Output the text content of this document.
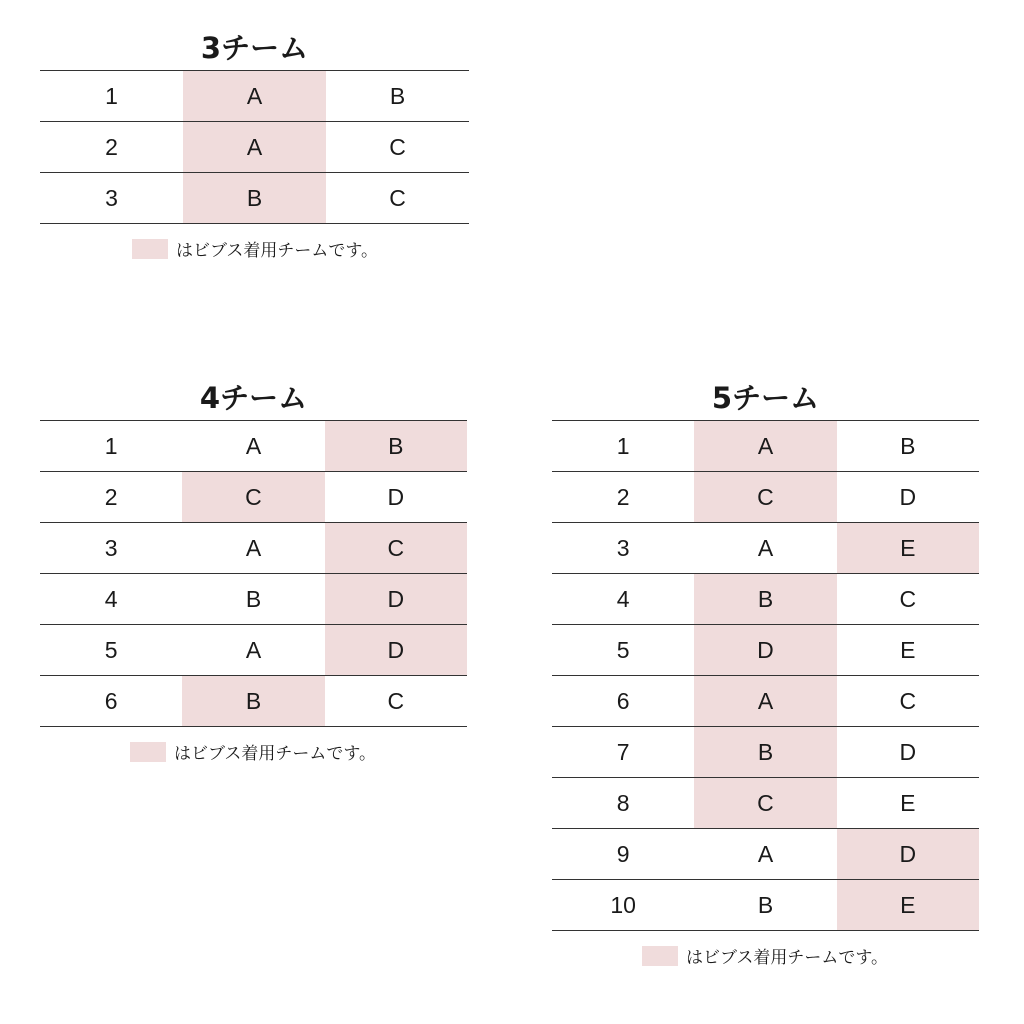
3チーム
1	A	B
2	A	C
3	B	C
はビブス着用チームです。
4チーム
1	A	B
2	C	D
3	A	C
4	B	D
5	A	D
6	B	C
はビブス着用チームです。
5チーム
1	A	B
2	C	D
3	A	E
4	B	C
5	D	E
6	A	C
7	B	D
8	C	E
9	A	D
10	B	E
はビブス着用チームです。
